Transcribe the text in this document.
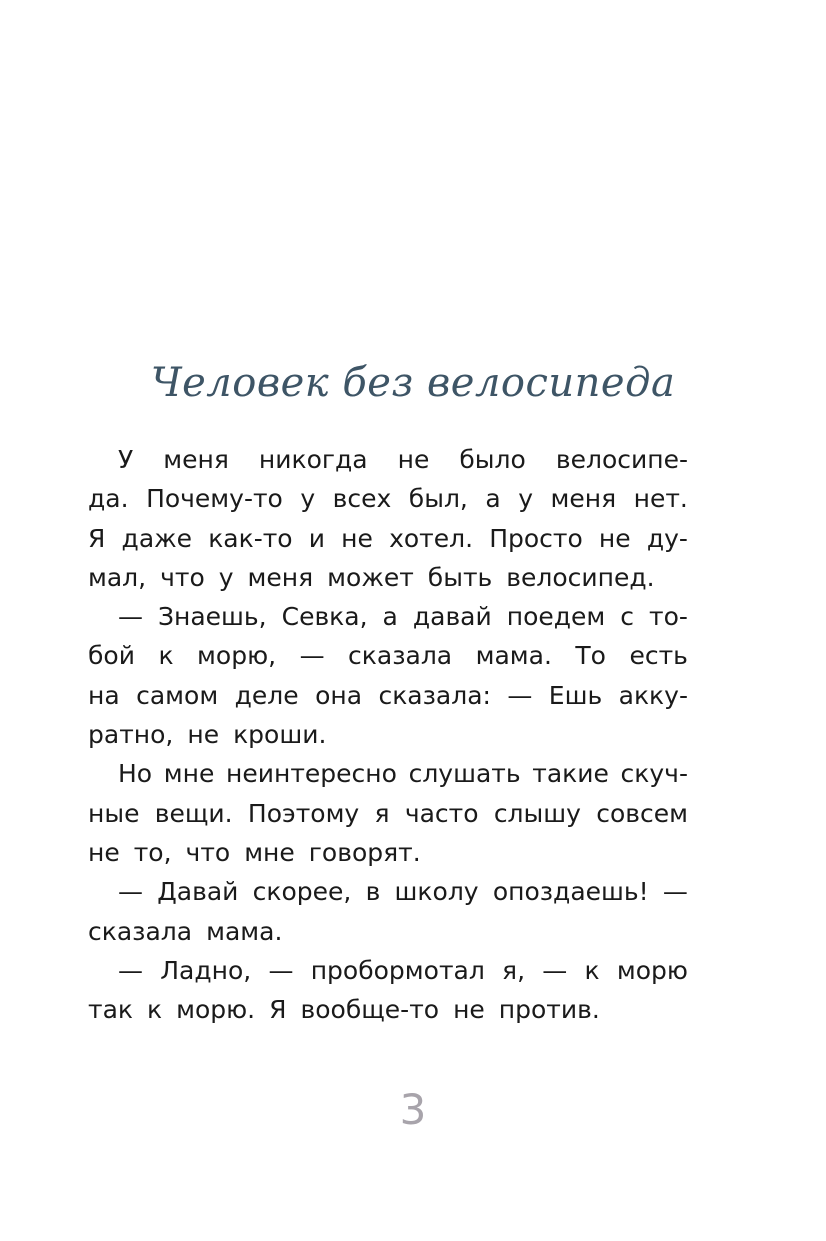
Человек без велосипеда
У меня никогда не было велосипе-
да. Почему-то у всех был, а у меня нет.
Я даже как-то и не хотел. Просто не ду-
мал, что у меня может быть велосипед.
— Знаешь, Севка, а давай поедем с то-
бой к морю, — сказала мама. То есть
на самом деле она сказала: — Ешь акку-
ратно, не кроши.
Но мне неинтересно слушать такие скуч-
ные вещи. Поэтому я часто слышу совсем
не то, что мне говорят.
— Давай скорее, в школу опоздаешь! —
сказала мама.
— Ладно, — пробормотал я, — к морю
так к морю. Я вообще-то не против.
3
